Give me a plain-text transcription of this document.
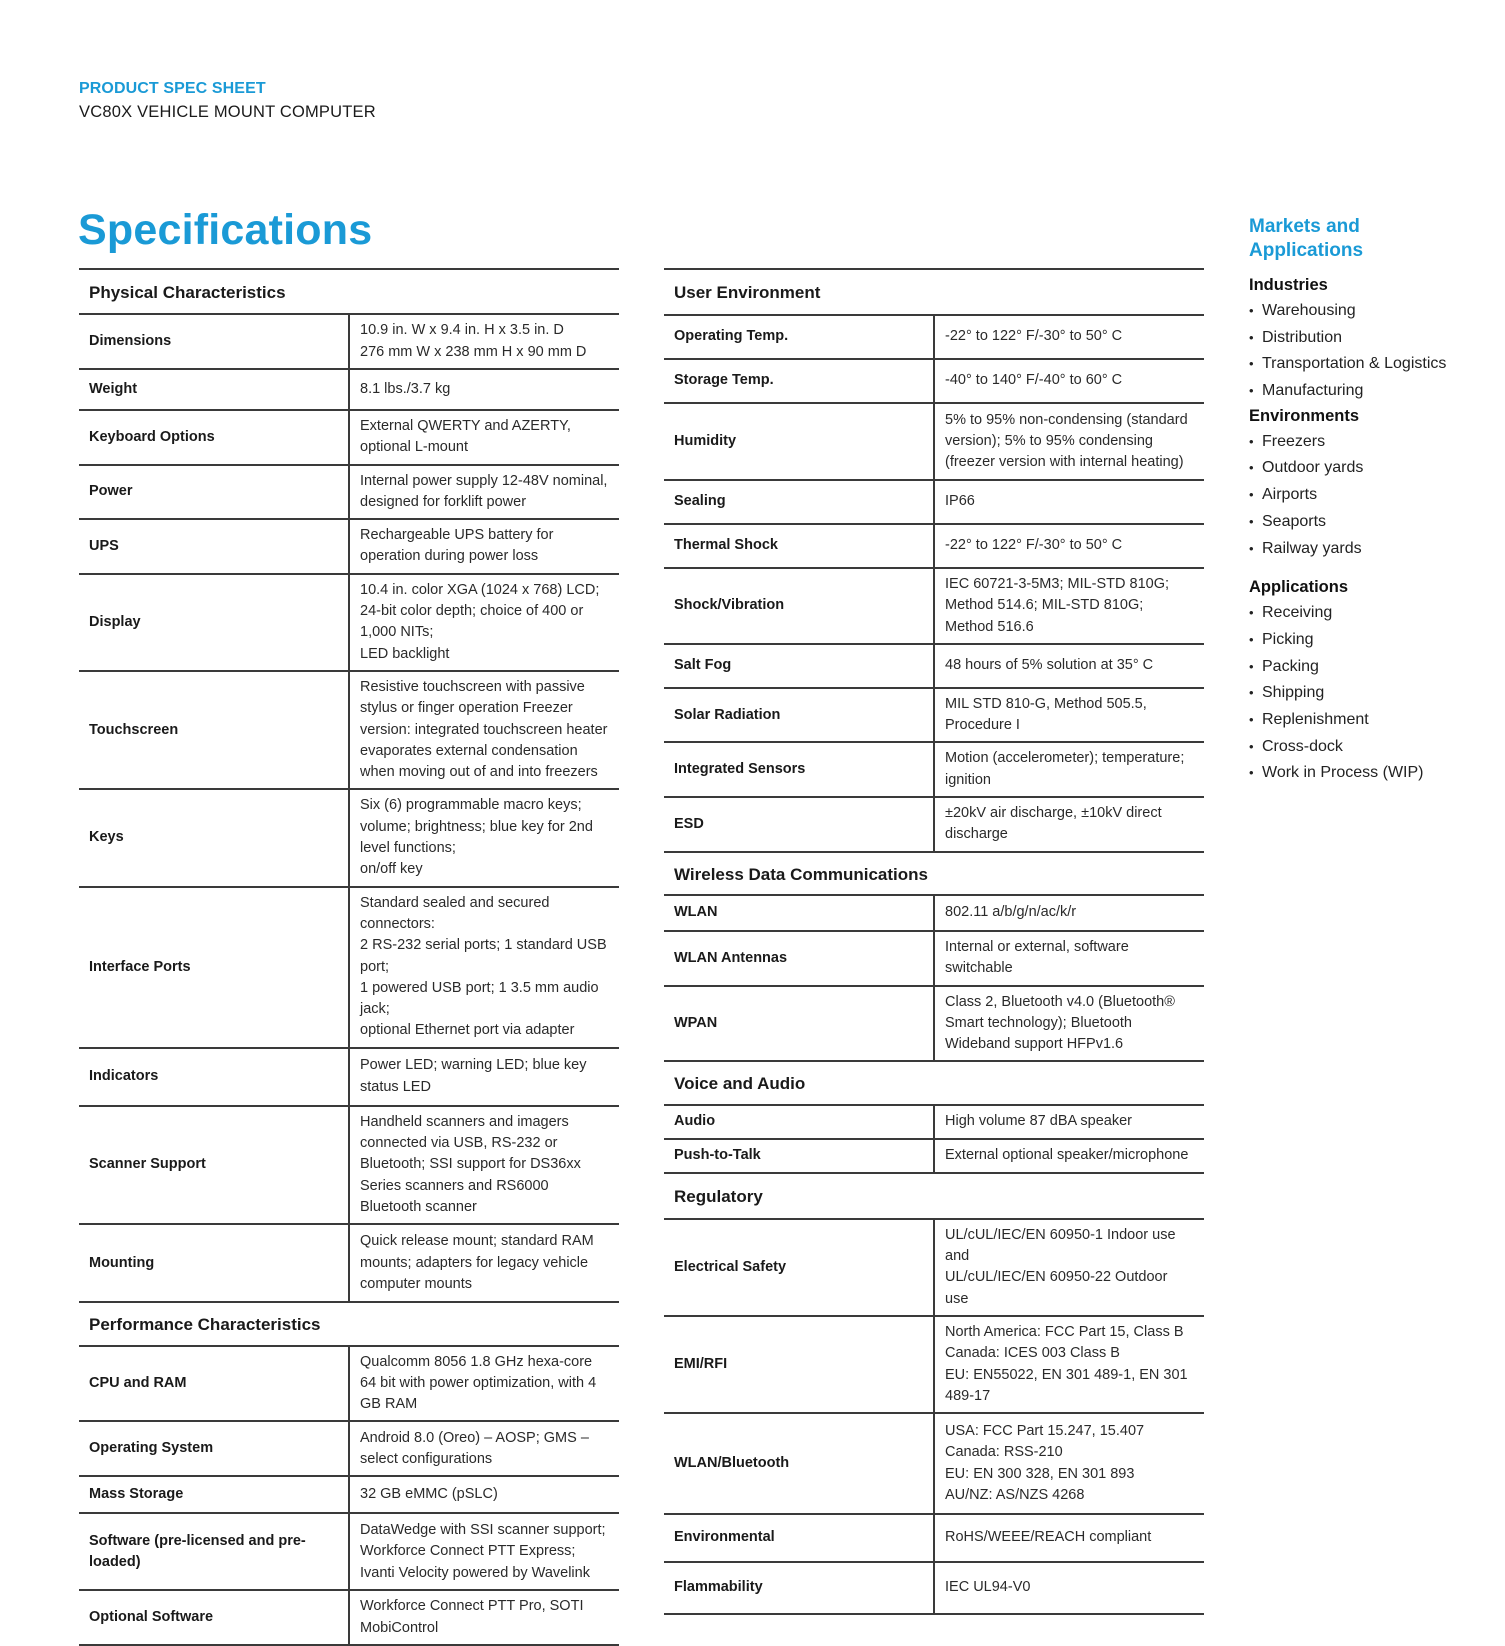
PRODUCT SPEC SHEET
VC80X VEHICLE MOUNT COMPUTER
Specifications
Physical Characteristics	
Dimensions	10.9 in. W x 9.4 in. H x 3.5 in. D
276 mm W x 238 mm H x 90 mm D

Weight	8.1 lbs./3.7 kg

Keyboard Options	External QWERTY and AZERTY, optional L-mount

Power	Internal power supply 12-48V nominal, designed for forklift power

UPS	Rechargeable UPS battery for operation during power loss

Display	10.4 in. color XGA (1024 x 768) LCD; 24-bit color depth; choice of 400 or 1,000 NITs;
LED backlight

Touchscreen	Resistive touchscreen with passive stylus or finger operation Freezer version: integrated touchscreen heater evaporates external condensation when moving out of and into freezers

Keys	Six (6) programmable macro keys; volume; brightness; blue key for 2nd level functions;
on/off key

Interface Ports	Standard sealed and secured connectors:
2 RS-232 serial ports; 1 standard USB port;
1 powered USB port; 1 3.5 mm audio jack;
optional Ethernet port via adapter

Indicators	Power LED; warning LED; blue key
status LED

Scanner Support	Handheld scanners and imagers connected via USB, RS-232 or Bluetooth; SSI support for DS36xx Series scanners and RS6000 Bluetooth scanner

Mounting	Quick release mount; standard RAM mounts; adapters for legacy vehicle computer mounts

Performance Characteristics	
CPU and RAM	Qualcomm 8056 1.8 GHz hexa-core 64 bit with power optimization, with 4 GB RAM

Operating System	Android 8.0 (Oreo) – AOSP; GMS – select configurations

Mass Storage	32 GB eMMC (pSLC)

Software (pre-licensed and pre-loaded)	DataWedge with SSI scanner support; Workforce Connect PTT Express; Ivanti Velocity powered by Wavelink

Optional Software	Workforce Connect PTT Pro, SOTI MobiControl
User Environment	
Operating Temp.	-22° to 122° F/-30° to 50° C

Storage Temp.	-40° to 140° F/-40° to 60° C

Humidity	5% to 95% non-condensing (standard version); 5% to 95% condensing (freezer version with internal heating)

Sealing	IP66

Thermal Shock	-22° to 122° F/-30° to 50° C

Shock/Vibration	IEC 60721-3-5M3; MIL-STD 810G; Method 514.6; MIL-STD 810G; Method 516.6

Salt Fog	48 hours of 5% solution at 35° C

Solar Radiation	MIL STD 810-G, Method 505.5, Procedure I

Integrated Sensors	Motion (accelerometer); temperature; ignition

ESD	±20kV air discharge, ±10kV direct discharge

Wireless Data Communications	
WLAN	802.11 a/b/g/n/ac/k/r

WLAN Antennas	Internal or external, software switchable

WPAN	Class 2, Bluetooth v4.0 (Bluetooth® Smart technology); Bluetooth Wideband support HFPv1.6

Voice and Audio	
Audio	High volume 87 dBA speaker

Push-to-Talk	External optional speaker/microphone

Regulatory	
Electrical Safety	UL/cUL/IEC/EN 60950-1 Indoor use and
UL/cUL/IEC/EN 60950-22 Outdoor use

EMI/RFI	North America: FCC Part 15, Class B
Canada: ICES 003 Class B
EU: EN55022, EN 301 489-1, EN 301 489-17

WLAN/Bluetooth	USA: FCC Part 15.247, 15.407
Canada: RSS-210
EU: EN 300 328, EN 301 893
AU/NZ: AS/NZS 4268

Environmental	RoHS/WEEE/REACH compliant

Flammability	IEC UL94-V0
Markets and Applications
Industries
• Warehousing
• Distribution
• Transportation & Logistics
• Manufacturing
Environments
• Freezers
• Outdoor yards
• Airports
• Seaports
• Railway yards
Applications
• Receiving
• Picking
• Packing
• Shipping
• Replenishment
• Cross-dock
• Work in Process (WIP)
